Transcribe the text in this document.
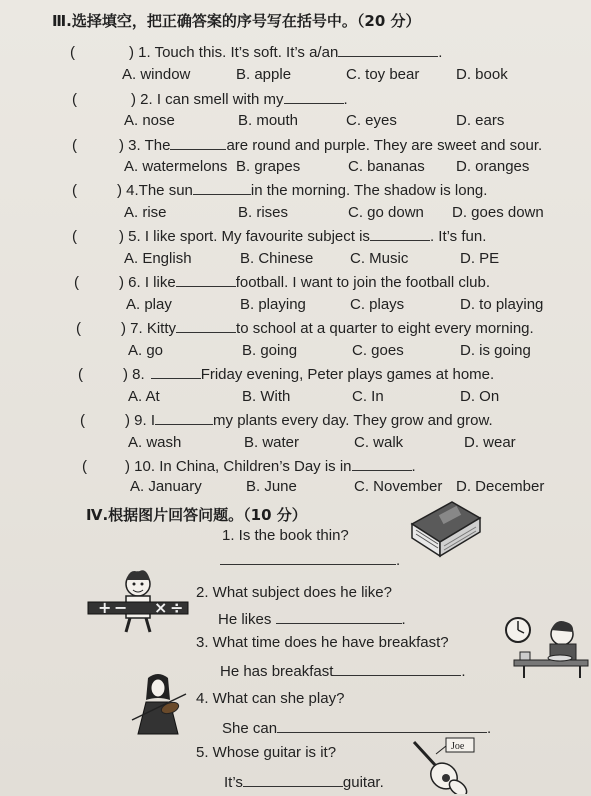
Ⅲ.选择填空，把正确答案的序号写在括号中。（20 分）
(	) 1. Touch this. It’s soft. It’s a/an	.
A. window	B. apple	C. toy bear D. book
(	) 2. I can smell with my	.
A. nose	B. mouth	C. eyes	D. ears
(	) 3. The	are round and purple. They are sweet and sour.
A. watermelons B. grapes	C. bananas D. oranges
(	) 4.The sun	in the morning. The shadow is long.
A. rise	B. rises	C. go down D. goes down
(	) 5. I like sport. My favourite subject is	. It’s fun.
A. English	B. Chinese C. Music	D. PE
(	) 6. I like	football. I want to join the football club.
A. play	B. playing	C. plays	D. to playing
(	) 7. Kitty	to school at a quarter to eight every morning.
A. go	B. going	C. goes	D. is going
(	) 8.	Friday evening, Peter plays games at home.
A. At	B. With	C. In	D. On
(	) 9. I	my plants every day. They grow and grow.
A. wash	B. water	C. walk	D. wear
(	) 10. In China, Children’s Day is in	.
A. January	B. June	C. November D. December
Ⅳ.根据图片回答问题。（10 分）
1. Is the book thin?
.
2. What subject does he like?
He likes	.
3. What time does he have breakfast?
He has breakfast	.
4. What can she play?
She can	.
5. Whose guitar is it?
It’s	guitar.
+ − × ÷
Joe
